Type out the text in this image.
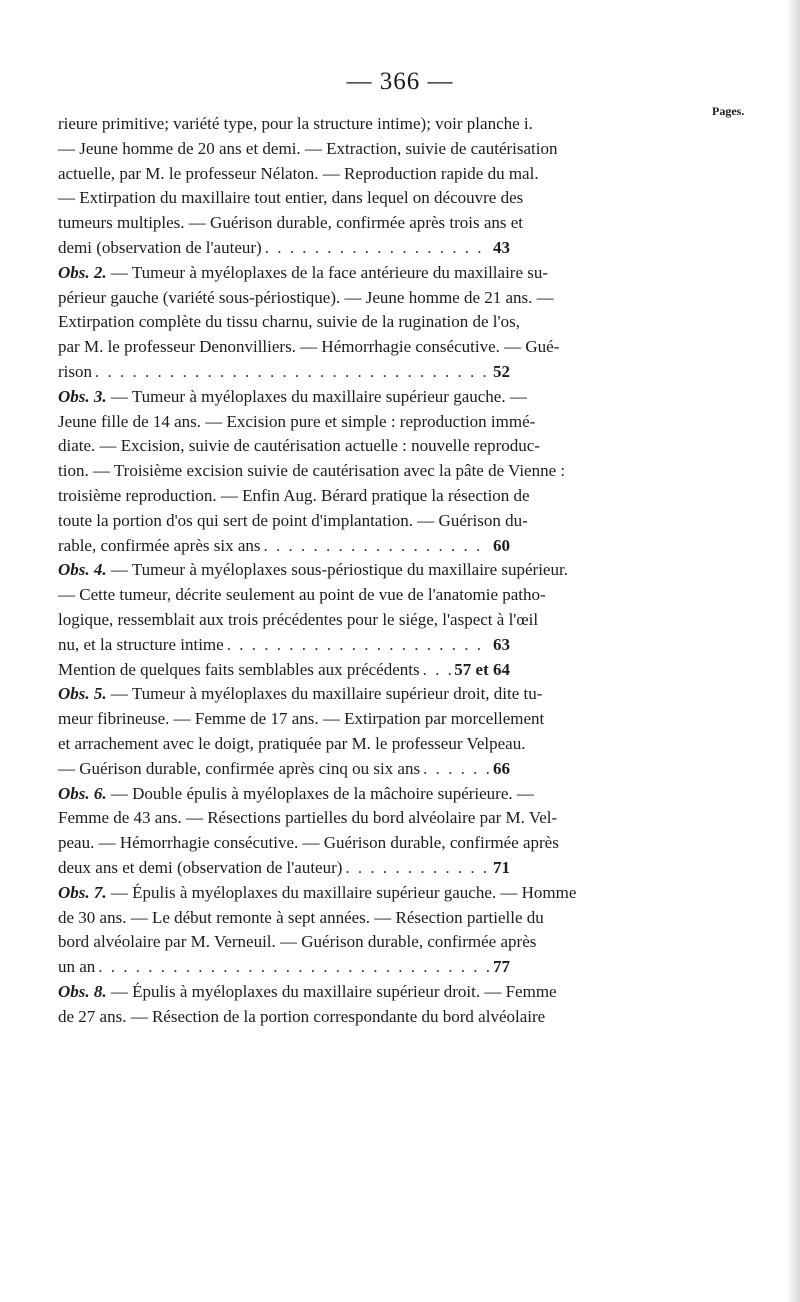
— 366 —
Pages.
rieure primitive; variété type, pour la structure intime); voir planche i.
— Jeune homme de 20 ans et demi. — Extraction, suivie de cautérisation
actuelle, par M. le professeur Nélaton. — Reproduction rapide du mal.
— Extirpation du maxillaire tout entier, dans lequel on découvre des
tumeurs multiples. — Guérison durable, confirmée après trois ans et
demi (observation de l'auteur) . . .	43
Obs. 2. — Tumeur à myéloplaxes de la face antérieure du maxillaire su-
périeur gauche (variété sous-périostique). — Jeune homme de 21 ans. —
Extirpation complète du tissu charnu, suivie de la rugination de l'os,
par M. le professeur Denonvilliers. — Hémorrhagie consécutive. — Gué-
rison . . .	52
Obs. 3. — Tumeur à myéloplaxes du maxillaire supérieur gauche. —
Jeune fille de 14 ans. — Excision pure et simple : reproduction immé-
diate. — Excision, suivie de cautérisation actuelle : nouvelle reproduc-
tion. — Troisième excision suivie de cautérisation avec la pâte de Vienne :
troisième reproduction. — Enfin Aug. Bérard pratique la résection de
toute la portion d'os qui sert de point d'implantation. — Guérison du-
rable, confirmée après six ans . . .	60
Obs. 4. — Tumeur à myéloplaxes sous-périostique du maxillaire supérieur.
— Cette tumeur, décrite seulement au point de vue de l'anatomie patho-
logique, ressemblait aux trois précédentes pour le siége, l'aspect à l'œil
nu, et la structure intime . . .	63
Mention de quelques faits semblables aux précédents . . . 57 et 64
Obs. 5. — Tumeur à myéloplaxes du maxillaire supérieur droit, dite tu-
meur fibrineuse. — Femme de 17 ans. — Extirpation par morcellement
et arrachement avec le doigt, pratiquée par M. le professeur Velpeau.
— Guérison durable, confirmée après cinq ou six ans . . .	66
Obs. 6. — Double épulis à myéloplaxes de la mâchoire supérieure. —
Femme de 43 ans. — Résections partielles du bord alvéolaire par M. Vel-
peau. — Hémorrhagie consécutive. — Guérison durable, confirmée après
deux ans et demi (observation de l'auteur) . . .	71
Obs. 7. — Épulis à myéloplaxes du maxillaire supérieur gauche. — Homme
de 30 ans. — Le début remonte à sept années. — Résection partielle du
bord alvéolaire par M. Verneuil. — Guérison durable, confirmée après
un an . . .	77
Obs. 8. — Épulis à myéloplaxes du maxillaire supérieur droit. — Femme
de 27 ans. — Résection de la portion correspondante du bord alvéolaire
